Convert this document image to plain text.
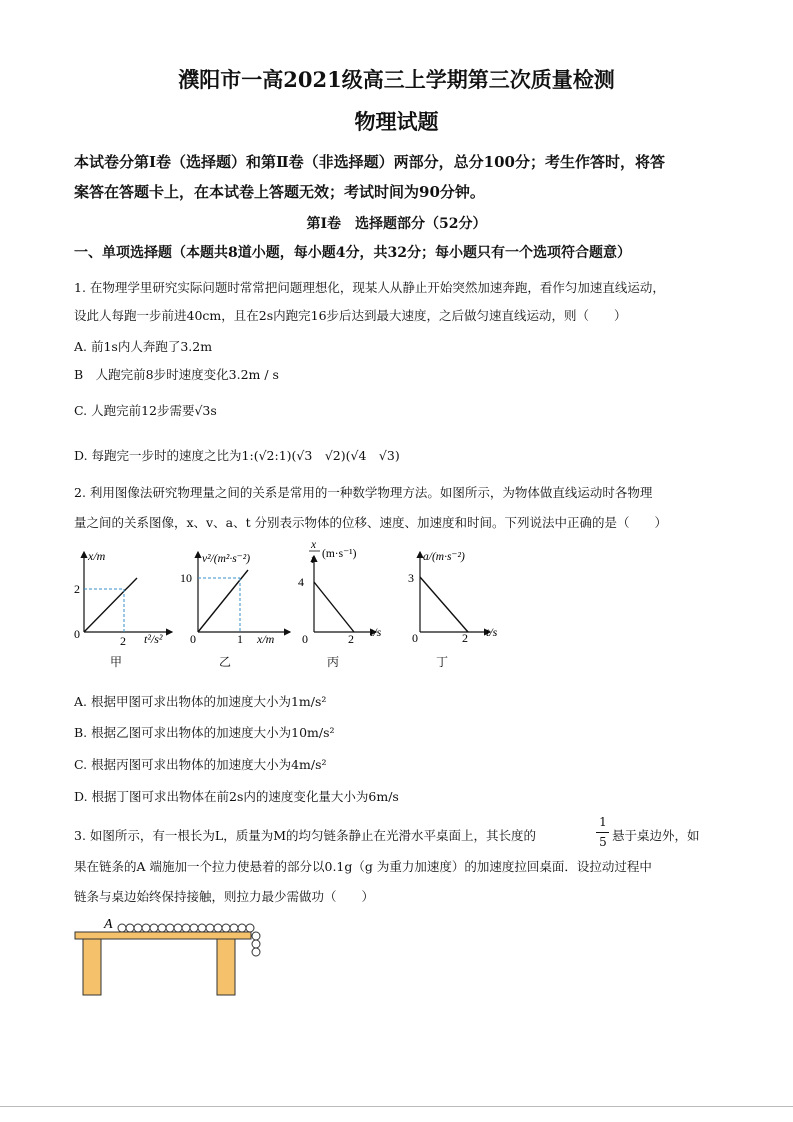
濮阳市一高2021级高三上学期第三次质量检测
物理试题
本试卷分第Ⅰ卷（选择题）和第Ⅱ卷（非选择题）两部分，总分100分；考生作答时，将答
案答在答题卡上，在本试卷上答题无效；考试时间为90分钟。
第Ⅰ卷　选择题部分（52分）
一、单项选择题（本题共8道小题，每小题4分，共32分；每小题只有一个选项符合题意）
1. 在物理学里研究实际问题时常常把问题理想化，现某人从静止开始突然加速奔跑，看作匀加速直线运动，
设此人每跑一步前进40cm，且在2s内跑完16步后达到最大速度，之后做匀速直线运动，则（　　）
A. 前1s内人奔跑了3.2m
B　人跑完前8步时速度变化3.2m / s
C. 人跑完前12步需要√3s
D. 每跑完一步时的速度之比为1:(√2:1)(√3　√2)(√4　√3)
2. 利用图像法研究物理量之间的关系是常用的一种数学物理方法。如图所示，为物体做直线运动时各物理
量之间的关系图像，x、v、a、t 分别表示物体的位移、速度、加速度和时间。下列说法中正确的是（　　）
x/m
2
0	2 t²/s²
甲
v²/(m²·s⁻²)
10
0	1 x/m
乙
x
t (m·s⁻¹)
4
0	2 t/s
丙
a/(m·s⁻²)
3
0	2 t/s
丁
A. 根据甲图可求出物体的加速度大小为1m/s²
B. 根据乙图可求出物体的加速度大小为10m/s²
C. 根据丙图可求出物体的加速度大小为4m/s²
D. 根据丁图可求出物体在前2s内的速度变化量大小为6m/s
3. 如图所示，有一根长为L，质量为M的均匀链条静止在光滑水平桌面上，其长度的
1
5 悬于桌边外，如
果在链条的A 端施加一个拉力使悬着的部分以0.1g（g 为重力加速度）的加速度拉回桌面．设拉动过程中
链条与桌边始终保持接触，则拉力最少需做功（　　）
A
